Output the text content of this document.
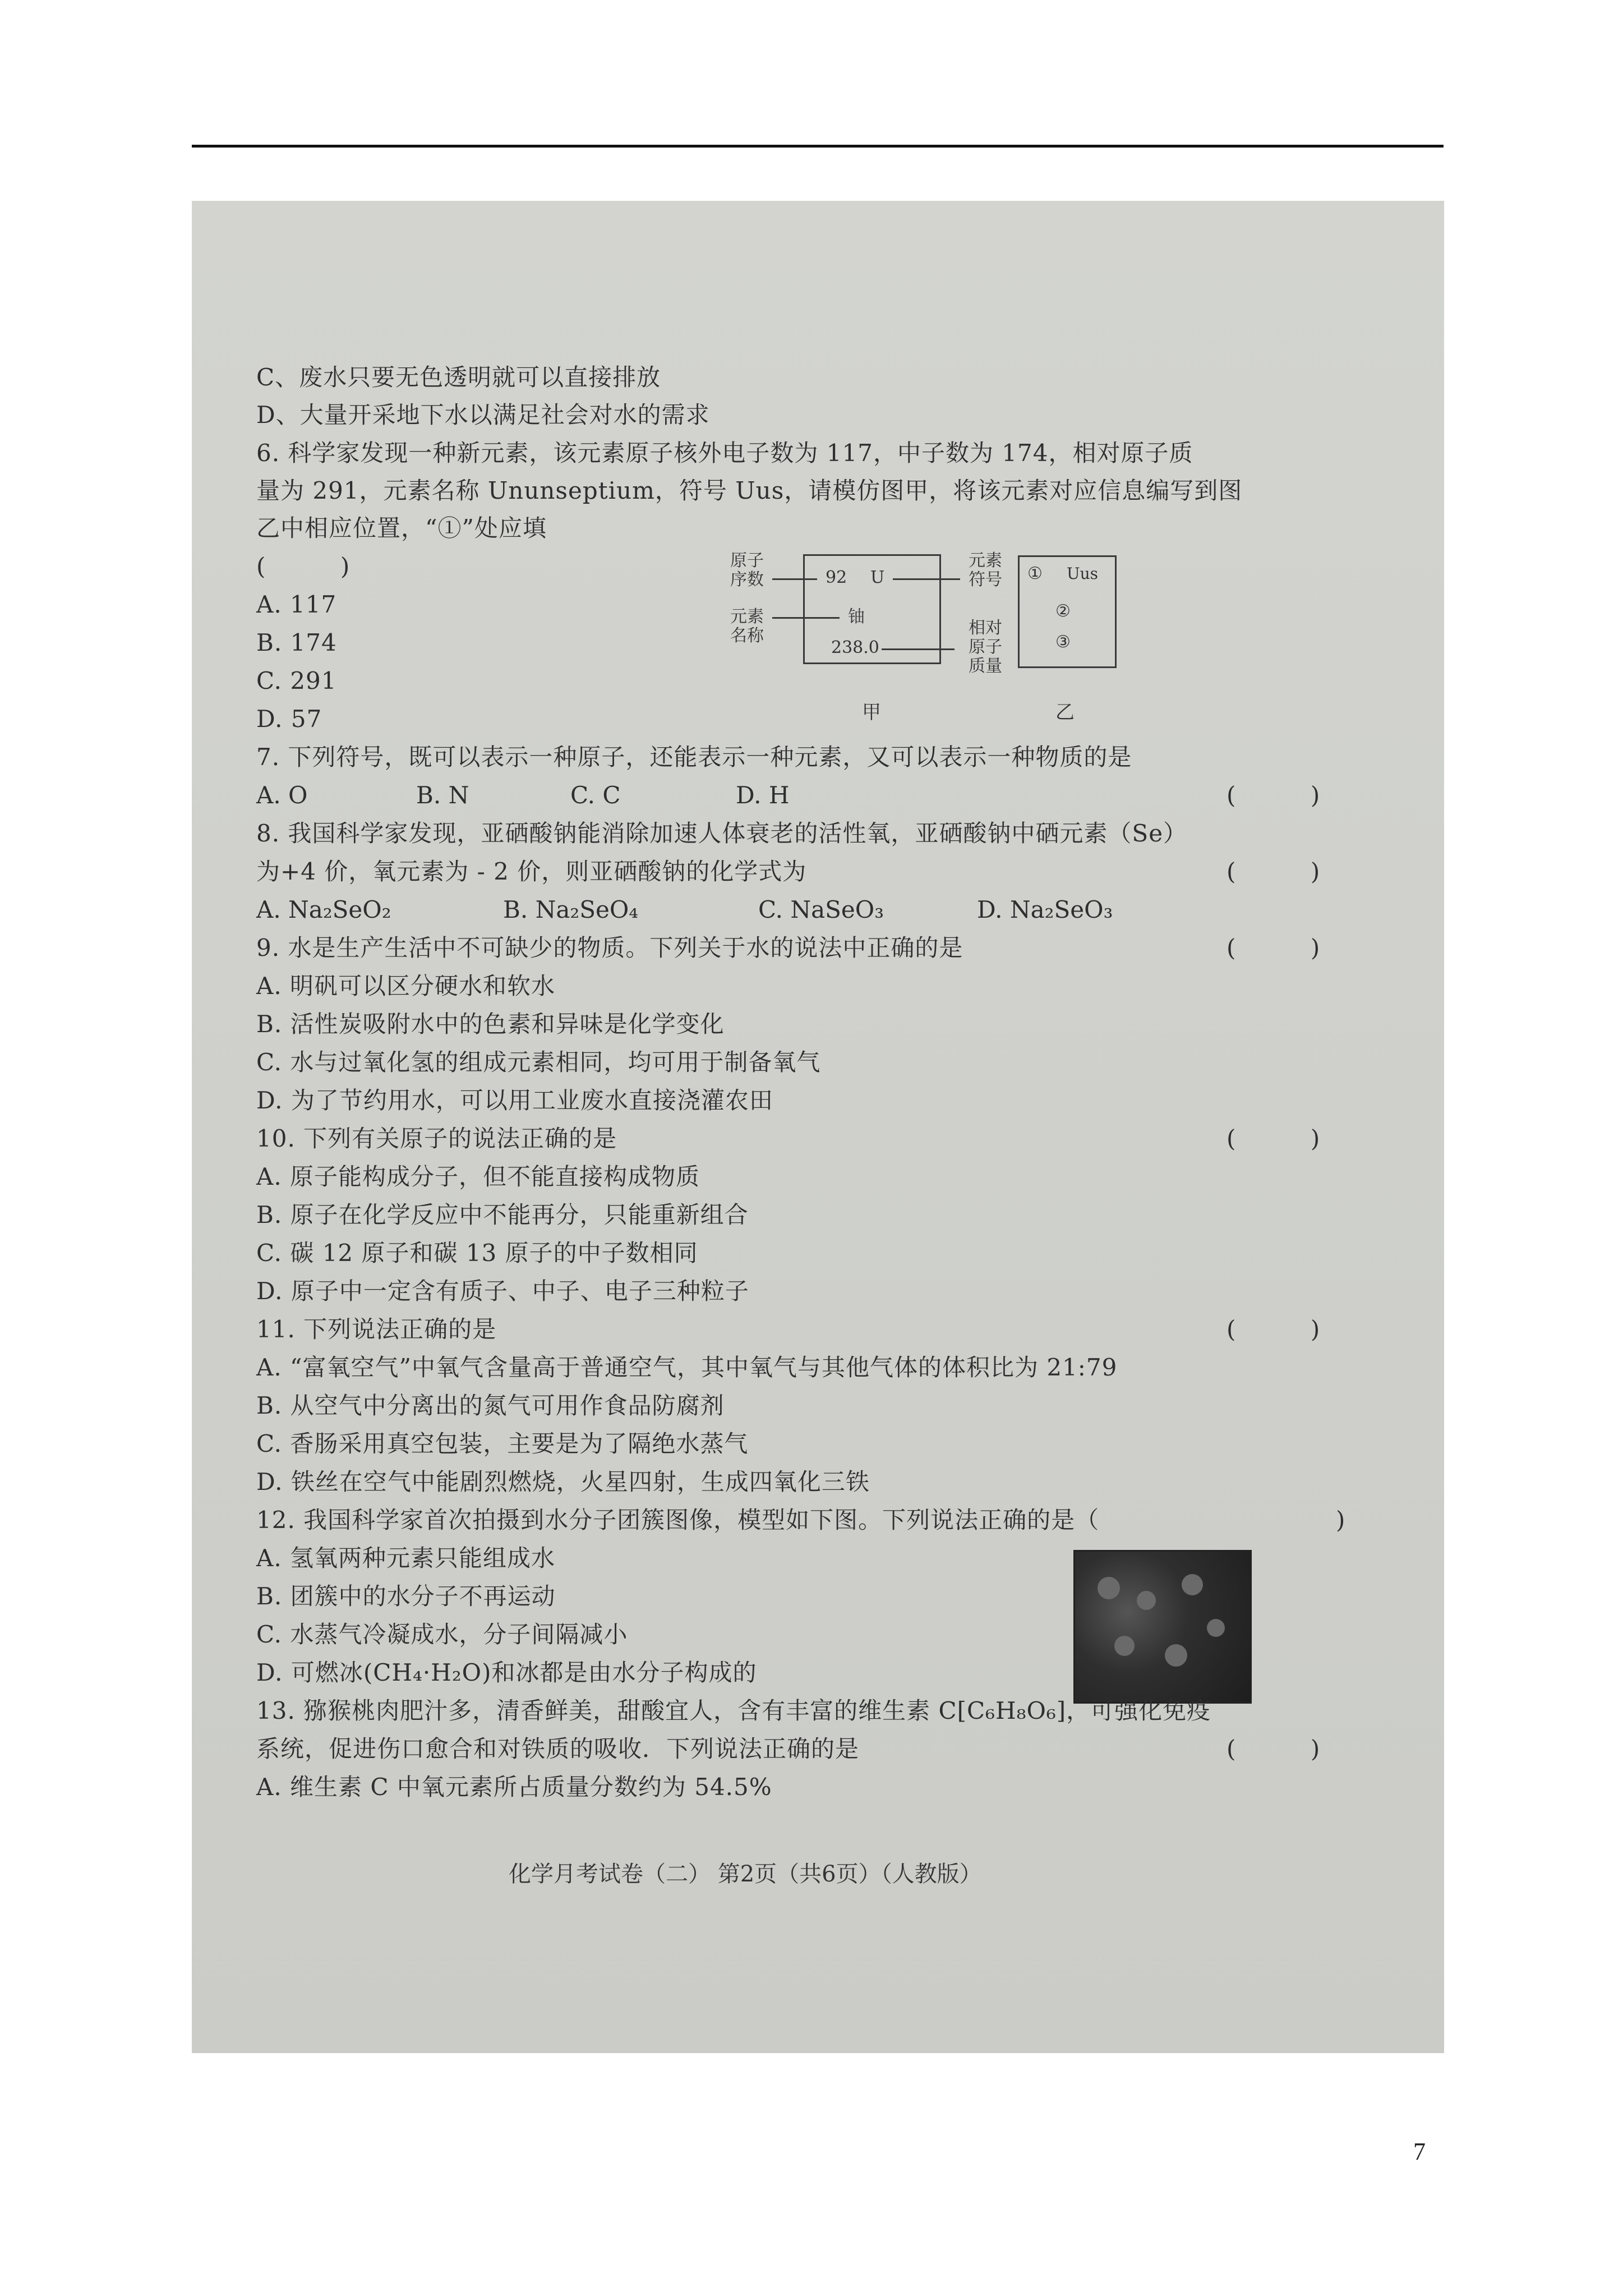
C、废水只要无色透明就可以直接排放
D、大量开采地下水以满足社会对水的需求
6. 科学家发现一种新元素，该元素原子核外电子数为 117，中子数为 174，相对原子质
量为 291，元素名称 Ununseptium，符号 Uus，请模仿图甲，将该元素对应信息编写到图
乙中相应位置，“①”处应填
(          )
A. 117
B. 174
C. 291
D. 57
原子
序数
元素
名称
92 U
铀
238.0
元素
符号
相对
原子
质量
甲
① Uus
②
③
乙
7. 下列符号，既可以表示一种原子，还能表示一种元素，又可以表示一种物质的是
A. O	B. N	C. C	D. H	(          )
8. 我国科学家发现，亚硒酸钠能消除加速人体衰老的活性氧，亚硒酸钠中硒元素（Se）
为+4 价，氧元素为 - 2 价，则亚硒酸钠的化学式为	(          )
A. Na₂SeO₂	B. Na₂SeO₄	C. NaSeO₃	D. Na₂SeO₃
9. 水是生产生活中不可缺少的物质。下列关于水的说法中正确的是	(          )
A. 明矾可以区分硬水和软水
B. 活性炭吸附水中的色素和异味是化学变化
C. 水与过氧化氢的组成元素相同，均可用于制备氧气
D. 为了节约用水，可以用工业废水直接浇灌农田
10. 下列有关原子的说法正确的是	(          )
A. 原子能构成分子，但不能直接构成物质
B. 原子在化学反应中不能再分，只能重新组合
C. 碳 12 原子和碳 13 原子的中子数相同
D. 原子中一定含有质子、中子、电子三种粒子
11. 下列说法正确的是	(          )
A. “富氧空气”中氧气含量高于普通空气，其中氧气与其他气体的体积比为 21:79
B. 从空气中分离出的氮气可用作食品防腐剂
C. 香肠采用真空包装，主要是为了隔绝水蒸气
D. 铁丝在空气中能剧烈燃烧，火星四射，生成四氧化三铁
12. 我国科学家首次拍摄到水分子团簇图像，模型如下图。下列说法正确的是（	)
A. 氢氧两种元素只能组成水
B. 团簇中的水分子不再运动
C. 水蒸气冷凝成水，分子间隔减小
D. 可燃冰(CH₄·H₂O)和冰都是由水分子构成的
13. 猕猴桃肉肥汁多，清香鲜美，甜酸宜人，含有丰富的维生素 C[C₆H₈O₆]，可强化免疫
系统，促进伤口愈合和对铁质的吸收．下列说法正确的是	(          )
A. 维生素 C 中氧元素所占质量分数约为 54.5%
化学月考试卷（二） 第2页（共6页）（人教版）
7
